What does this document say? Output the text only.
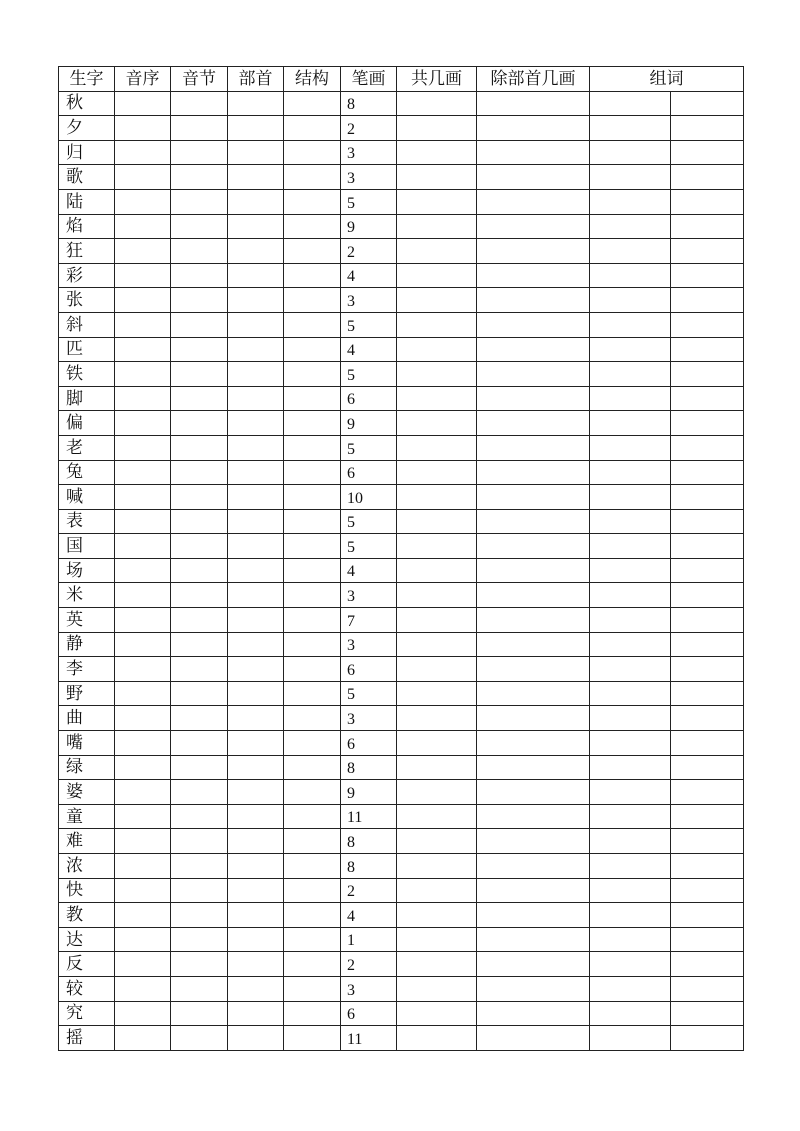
生字	音序	音节	部首	结构	笔画	共几画	除部首几画	组词	
秋					8				
夕					2				
归					3				
歌					3				
陆					5				
焰					9				
狂					2				
彩					4				
张					3				
斜					5				
匹					4				
铁					5				
脚					6				
偏					9				
老					5				
兔					6				
喊					10				
表					5				
国					5				
场					4				
米					3				
英					7				
静					3				
李					6				
野					5				
曲					3				
嘴					6				
绿					8				
婆					9				
童					11				
难					8				
浓					8				
快					2				
教					4				
达					1				
反					2				
较					3				
究					6				
摇					11				
